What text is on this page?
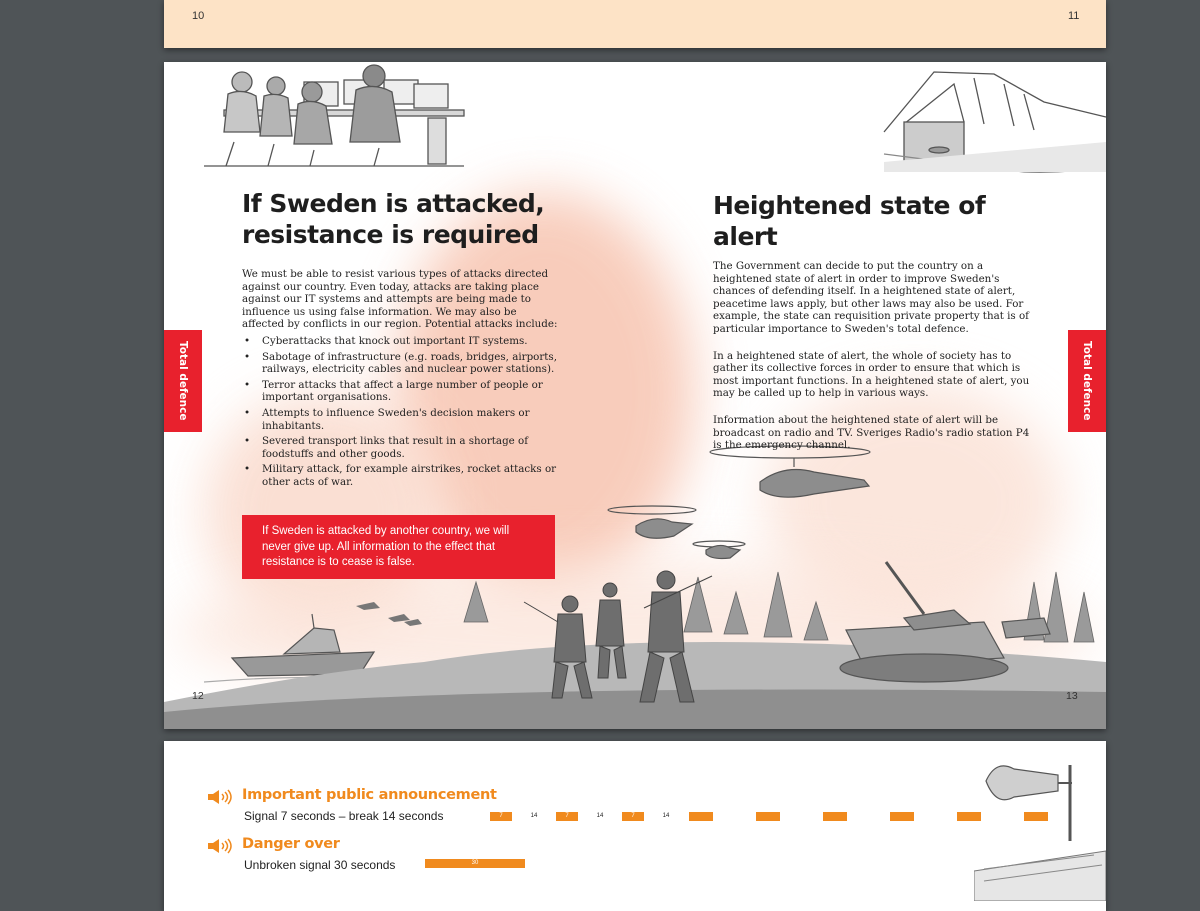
10	11
If Sweden is attacked,
resistance is required

We must be able to resist various types of attacks directed against our country. Even today, attacks are taking place against our IT systems and attempts are being made to influence us using false information. We may also be affected by conflicts in our region. Potential attacks include:

• Cyberattacks that knock out important IT systems.
• Sabotage of infrastructure (e.g. roads, bridges, airports, railways, electricity cables and nuclear power stations).
• Terror attacks that affect a large number of people or important organisations.
• Attempts to influence Sweden's decision makers or inhabitants.
• Severed transport links that result in a shortage of foodstuffs and other goods.
• Military attack, for example airstrikes, rocket attacks or other acts of war.
If Sweden is attacked by another country, we will never give up. All information to the effect that resistance is to cease is false.
Heightened state of alert

The Government can decide to put the country on a heightened state of alert in order to improve Sweden's chances of defending itself. In a heightened state of alert, peacetime laws apply, but other laws may also be used. For example, the state can requisition private property that is of particular importance to Sweden's total defence.

In a heightened state of alert, the whole of society has to gather its collective forces in order to ensure that which is most important functions. In a heightened state of alert, you may be called up to help in various ways.

Information about the heightened state of alert will be broadcast on radio and TV. Sveriges Radio's radio station P4 is the emergency channel.

Total defence	Total defence
12	13
Important public announcement
Signal 7 seconds – break 14 seconds	7	14	7	14	7	14
Danger over
Unbroken signal 30 seconds	30
